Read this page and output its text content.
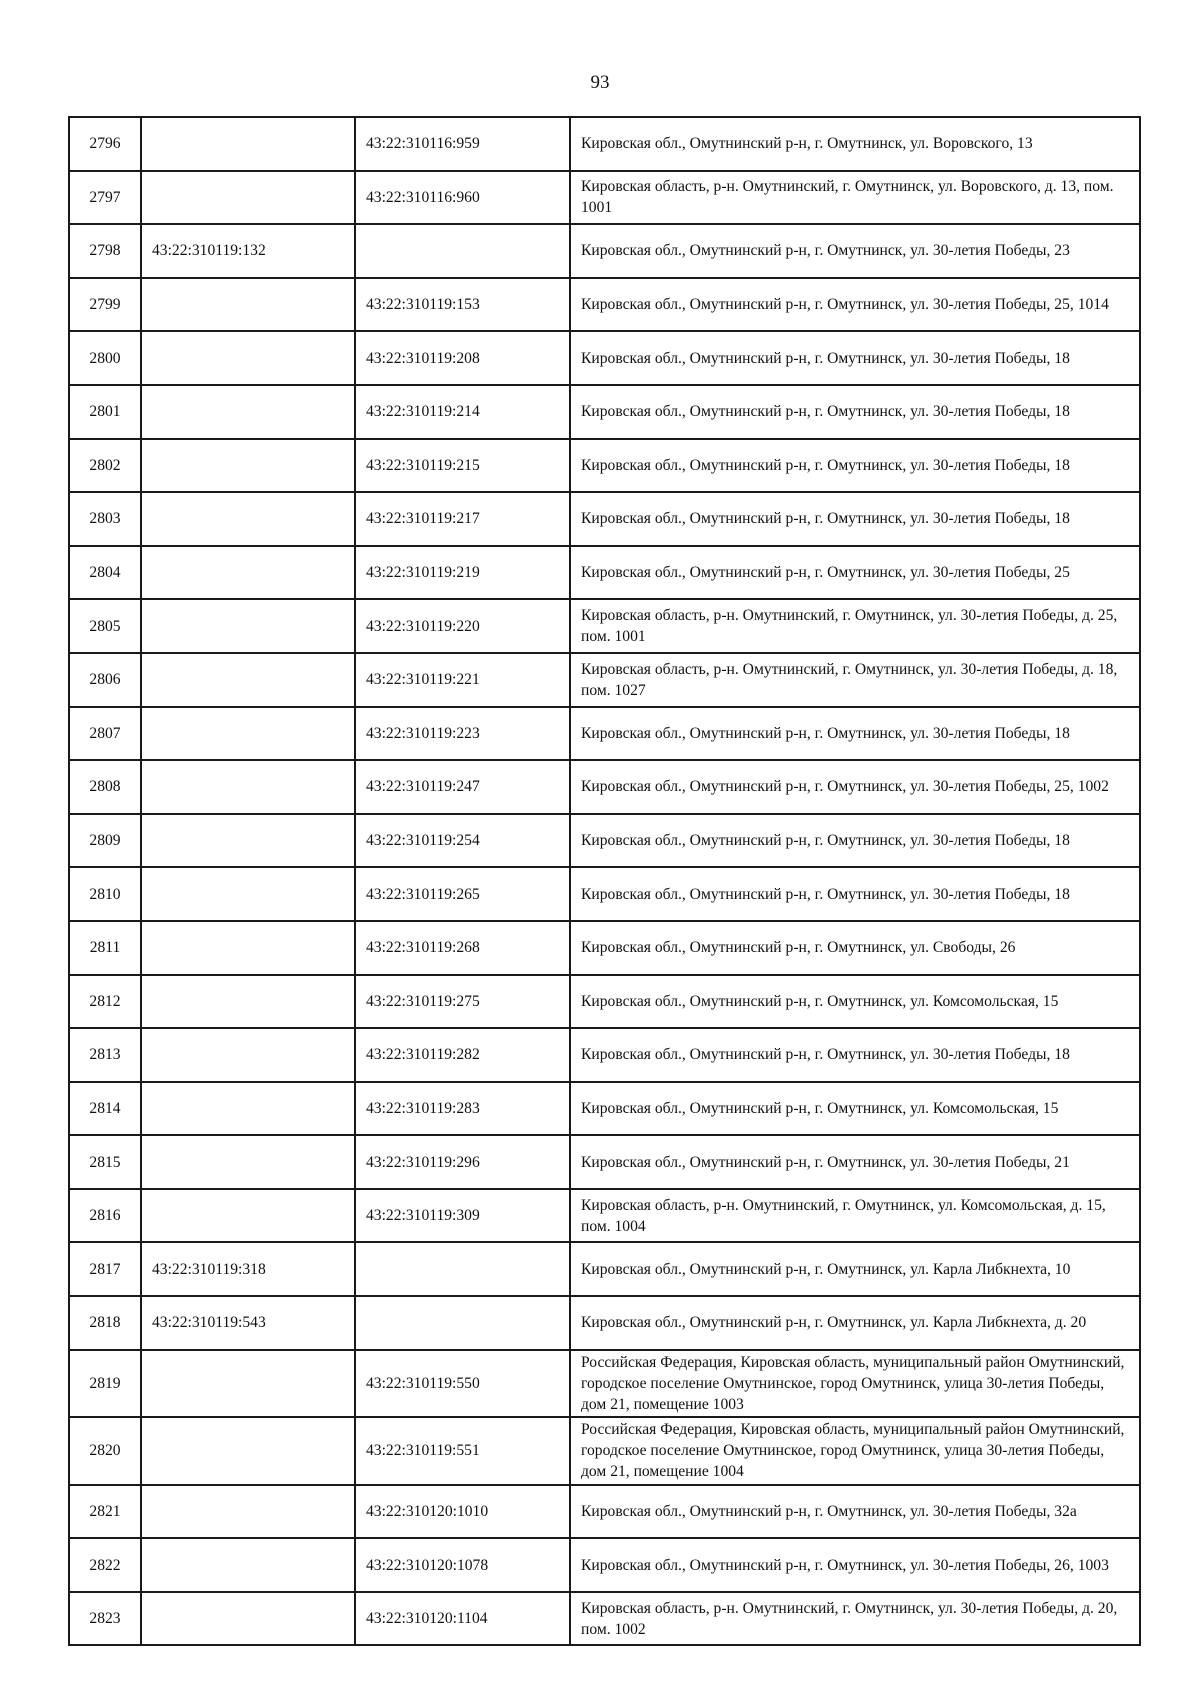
93
2796		43:22:310116:959	Кировская обл., Омутнинский р-н, г. Омутнинск, ул. Воровского, 13
2797		43:22:310116:960	Кировская область, р-н. Омутнинский, г. Омутнинск, ул. Воровского, д. 13, пом. 1001
2798	43:22:310119:132		Кировская обл., Омутнинский р-н, г. Омутнинск, ул. 30-летия Победы, 23
2799		43:22:310119:153	Кировская обл., Омутнинский р-н, г. Омутнинск, ул. 30-летия Победы, 25, 1014
2800		43:22:310119:208	Кировская обл., Омутнинский р-н, г. Омутнинск, ул. 30-летия Победы, 18
2801		43:22:310119:214	Кировская обл., Омутнинский р-н, г. Омутнинск, ул. 30-летия Победы, 18
2802		43:22:310119:215	Кировская обл., Омутнинский р-н, г. Омутнинск, ул. 30-летия Победы, 18
2803		43:22:310119:217	Кировская обл., Омутнинский р-н, г. Омутнинск, ул. 30-летия Победы, 18
2804		43:22:310119:219	Кировская обл., Омутнинский р-н, г. Омутнинск, ул. 30-летия Победы, 25
2805		43:22:310119:220	Кировская область, р-н. Омутнинский, г. Омутнинск, ул. 30-летия Победы, д. 25, пом. 1001
2806		43:22:310119:221	Кировская область, р-н. Омутнинский, г. Омутнинск, ул. 30-летия Победы, д. 18, пом. 1027
2807		43:22:310119:223	Кировская обл., Омутнинский р-н, г. Омутнинск, ул. 30-летия Победы, 18
2808		43:22:310119:247	Кировская обл., Омутнинский р-н, г. Омутнинск, ул. 30-летия Победы, 25, 1002
2809		43:22:310119:254	Кировская обл., Омутнинский р-н, г. Омутнинск, ул. 30-летия Победы, 18
2810		43:22:310119:265	Кировская обл., Омутнинский р-н, г. Омутнинск, ул. 30-летия Победы, 18
2811		43:22:310119:268	Кировская обл., Омутнинский р-н, г. Омутнинск, ул. Свободы, 26
2812		43:22:310119:275	Кировская обл., Омутнинский р-н, г. Омутнинск, ул. Комсомольская, 15
2813		43:22:310119:282	Кировская обл., Омутнинский р-н, г. Омутнинск, ул. 30-летия Победы, 18
2814		43:22:310119:283	Кировская обл., Омутнинский р-н, г. Омутнинск, ул. Комсомольская, 15
2815		43:22:310119:296	Кировская обл., Омутнинский р-н, г. Омутнинск, ул. 30-летия Победы, 21
2816		43:22:310119:309	Кировская область, р-н. Омутнинский, г. Омутнинск, ул. Комсомольская, д. 15, пом. 1004
2817	43:22:310119:318		Кировская обл., Омутнинский р-н, г. Омутнинск, ул. Карла Либкнехта, 10
2818	43:22:310119:543		Кировская обл., Омутнинский р-н, г. Омутнинск, ул. Карла Либкнехта, д. 20
2819		43:22:310119:550	Российская Федерация, Кировская область, муниципальный район Омутнинский, городское поселение Омутнинское, город Омутнинск, улица 30-летия Победы, дом 21, помещение 1003
2820		43:22:310119:551	Российская Федерация, Кировская область, муниципальный район Омутнинский, городское поселение Омутнинское, город Омутнинск, улица 30-летия Победы, дом 21, помещение 1004
2821		43:22:310120:1010	Кировская обл., Омутнинский р-н, г. Омутнинск, ул. 30-летия Победы, 32а
2822		43:22:310120:1078	Кировская обл., Омутнинский р-н, г. Омутнинск, ул. 30-летия Победы, 26, 1003
2823		43:22:310120:1104	Кировская область, р-н. Омутнинский, г. Омутнинск, ул. 30-летия Победы, д. 20, пом. 1002
